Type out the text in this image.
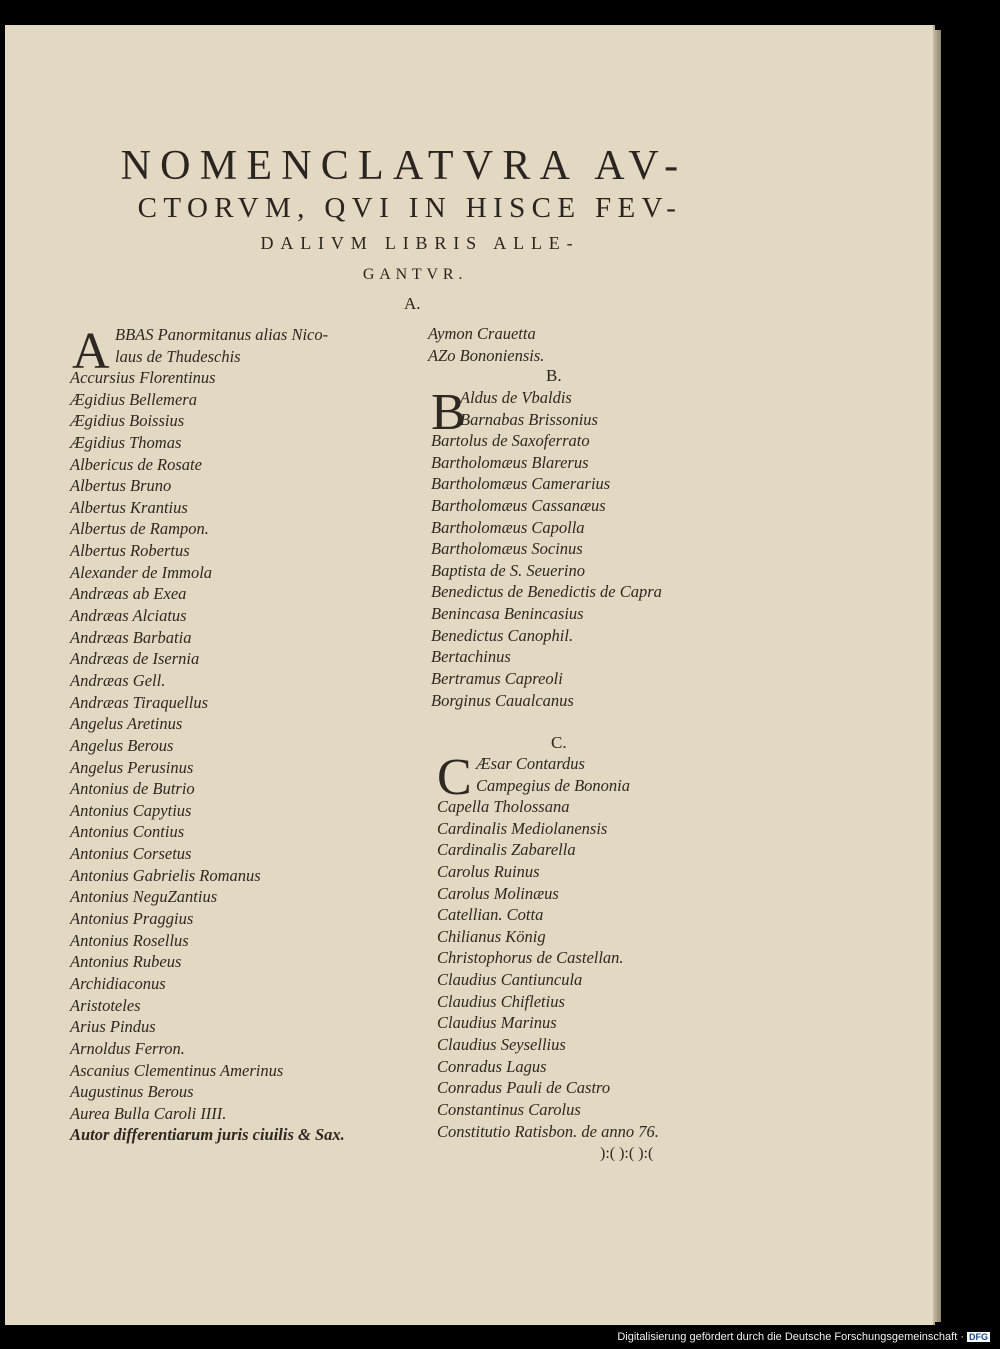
NOMENCLATVRA AV-
CTORVM, QVI IN HISCE FEV-
DALIVM LIBRIS ALLE-
GANTVR.
A.
B.
C.
A BBAS Panormitanus alias Nico-
laus de Thudeschis
Accursius Florentinus
Ægidius Bellemera
Ægidius Boissius
Ægidius Thomas
Albericus de Rosate
Albertus Bruno
Albertus Krantius
Albertus de Rampon.
Albertus Robertus
Alexander de Immola
Andræas ab Exea
Andræas Alciatus
Andræas Barbatia
Andræas de Isernia
Andræas Gell.
Andræas Tiraquellus
Angelus Aretinus
Angelus Berous
Angelus Perusinus
Antonius de Butrio
Antonius Capytius
Antonius Contius
Antonius Corsetus
Antonius Gabrielis Romanus
Antonius NeguZantius
Antonius Praggius
Antonius Rosellus
Antonius Rubeus
Archidiaconus
Aristoteles
Arius Pindus
Arnoldus Ferron.
Ascanius Clementinus Amerinus
Augustinus Berous
Aurea Bulla Caroli IIII.
Autor differentiarum juris ciuilis & Sax.
Aymon Crauetta
AZo Bononiensis.
B
Aldus de Vbaldis
Barnabas Brissonius
Bartolus de Saxoferrato
Bartholomæus Blarerus
Bartholomæus Camerarius
Bartholomæus Cassanæus
Bartholomæus Capolla
Bartholomæus Socinus
Baptista de S. Seuerino
Benedictus de Benedictis de Capra
Benincasa Benincasius
Benedictus Canophil.
Bertachinus
Bertramus Capreoli
Borginus Caualcanus
C Æsar Contardus
Campegius de Bononia
Capella Tholossana
Cardinalis Mediolanensis
Cardinalis Zabarella
Carolus Ruinus
Carolus Molinæus
Catellian. Cotta
Chilianus König
Christophorus de Castellan.
Claudius Cantiuncula
Claudius Chifletius
Claudius Marinus
Claudius Seysellius
Conradus Lagus
Conradus Pauli de Castro
Constantinus Carolus
Constitutio Ratisbon. de anno 76.
):( ):( ):(
Digitalisierung gefördert durch die Deutsche Forschungsgemeinschaft · DFG
